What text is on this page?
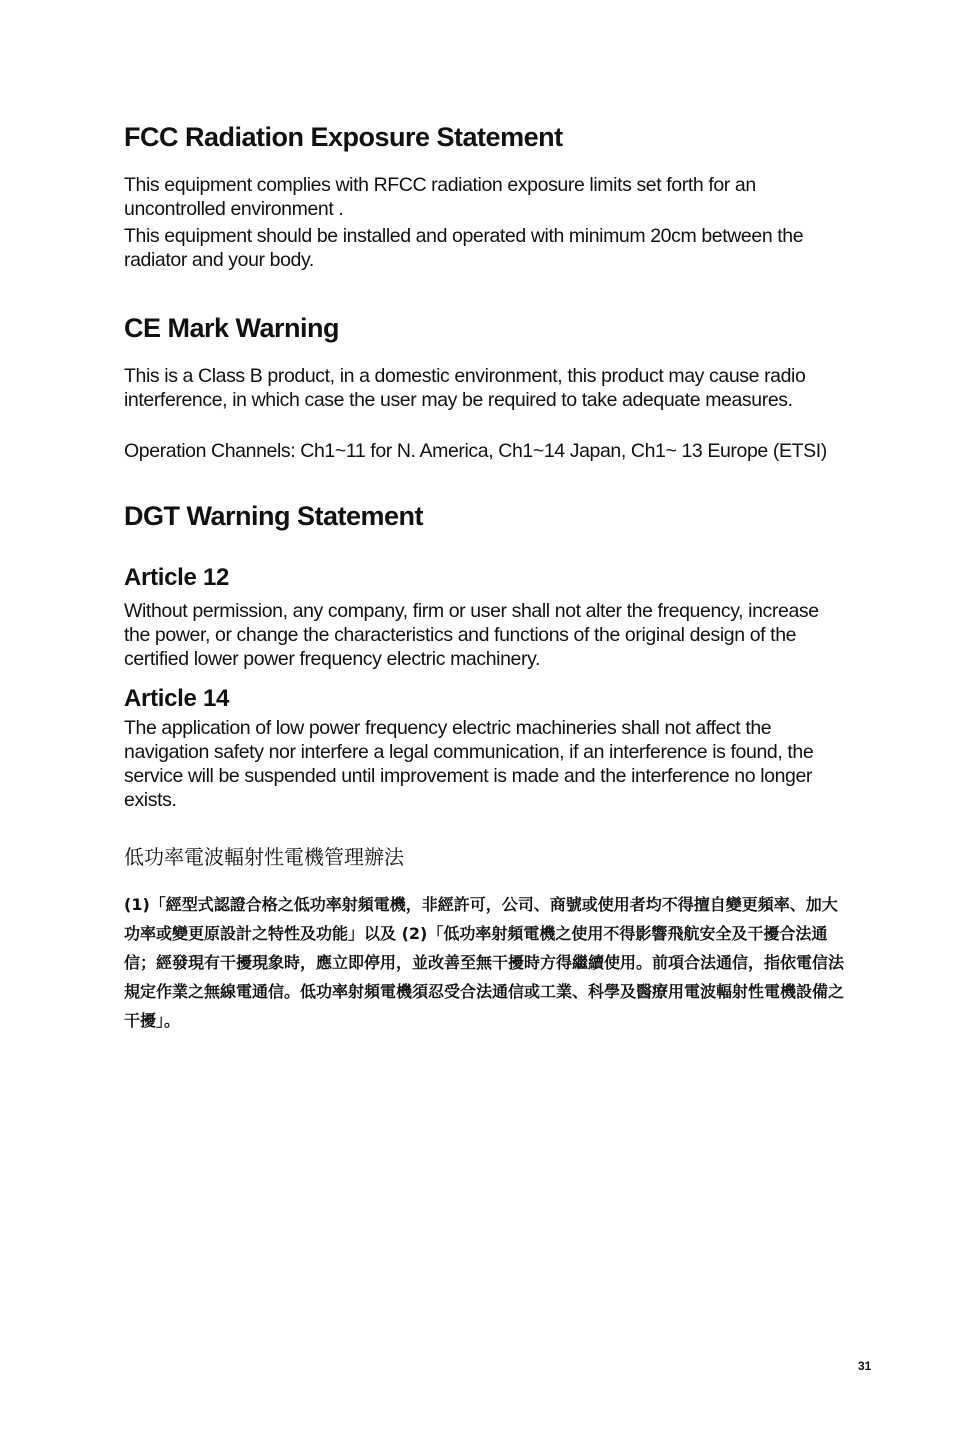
FCC Radiation Exposure Statement

This equipment complies with RFCC radiation exposure limits set forth for an uncontrolled environment .

This equipment should be installed and operated with minimum 20cm between the radiator and your body.

CE Mark Warning

This is a Class B product, in a domestic environment, this product may cause radio interference, in which case the user may be required to take adequate measures.

Operation Channels: Ch1~11 for N. America, Ch1~14 Japan, Ch1~ 13 Europe (ETSI)

DGT Warning Statement
Article 12

Without permission, any company, firm or user shall not alter the frequency, increase the power, or change the characteristics and functions of the original design of the certified lower power frequency electric machinery.

Article 14

The application of low power frequency electric machineries shall not affect the navigation safety nor interfere a legal communication, if an interference is found, the service will be suspended until improvement is made and the interference no longer exists.

低功率電波輻射性電機管理辦法

(1)「經型式認證合格之低功率射頻電機，非經許可，公司、商號或使用者均不得擅自變更頻率、加大功率或變更原設計之特性及功能」以及 (2)「低功率射頻電機之使用不得影響飛航安全及干擾合法通信；經發現有干擾現象時，應立即停用，並改善至無干擾時方得繼續使用。前項合法通信，指依電信法規定作業之無線電通信。低功率射頻電機須忍受合法通信或工業、科學及醫療用電波輻射性電機設備之干擾」。

31
